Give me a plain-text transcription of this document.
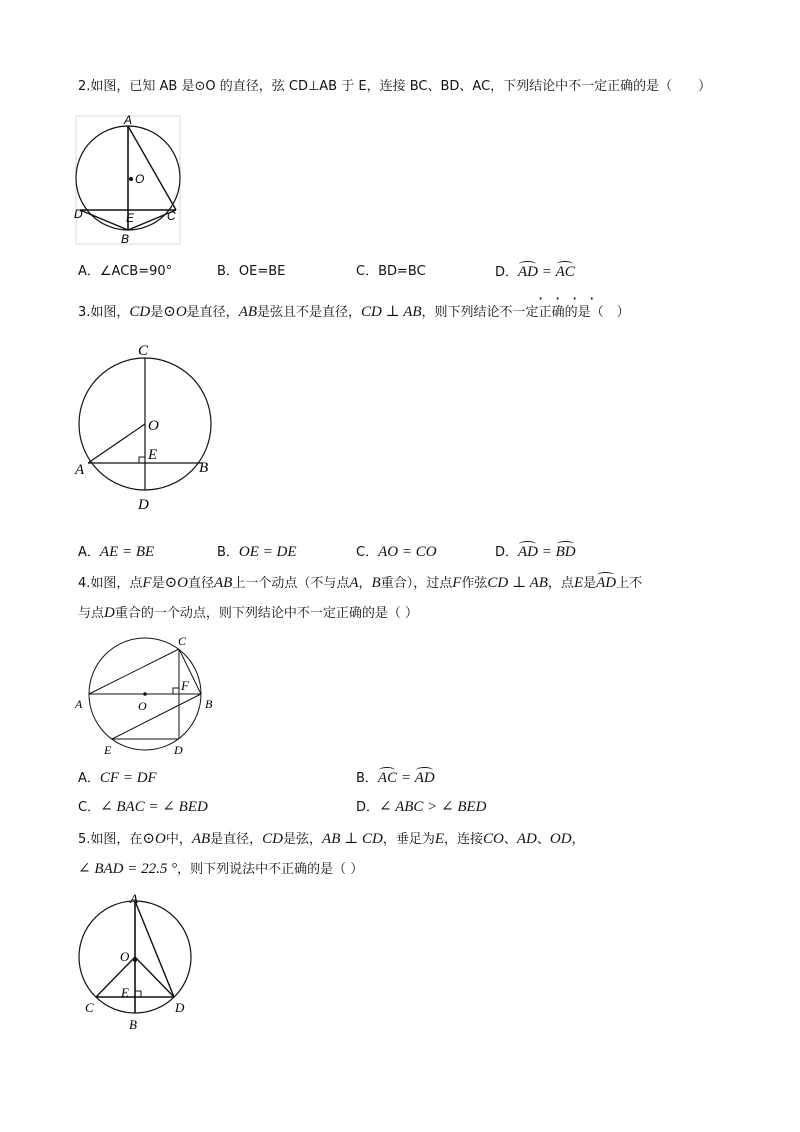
2.如图，已知 AB 是⊙O 的直径，弦 CD⊥AB 于 E，连接 BC、BD、AC，下列结论中不一定正确的是（　　）
A
O
D	E	C
B
A．∠ACB=90°	B．OE=BE	C．BD=BC	D．AD = AC
····
3.如图，CD是⊙O是直径，AB是弦且不是直径，CD ⊥ AB，则下列结论不一定正确的是（　）
C
O
E
A	B
D
A．AE = BE	B．OE = DE	C．AO = CO	D．AD = BD
4.如图，点F是⊙O直径AB上一个动点（不与点A，B重合），过点F作弦CD ⊥ AB，点E是AD上不
与点D重合的一个动点，则下列结论中不一定正确的是（ ）
C
F
A	O	B
E	D
A．CF = DF	B．AC = AD
C．∠ BAC = ∠ BED	D．∠ ABC > ∠ BED
5.如图，在⊙O中，AB是直径，CD是弦，AB ⊥ CD，垂足为E，连接CO、AD、OD，
∠ BAD = 22.5 °，则下列说法中不正确的是（ ）
A
O
E
C	D
B
